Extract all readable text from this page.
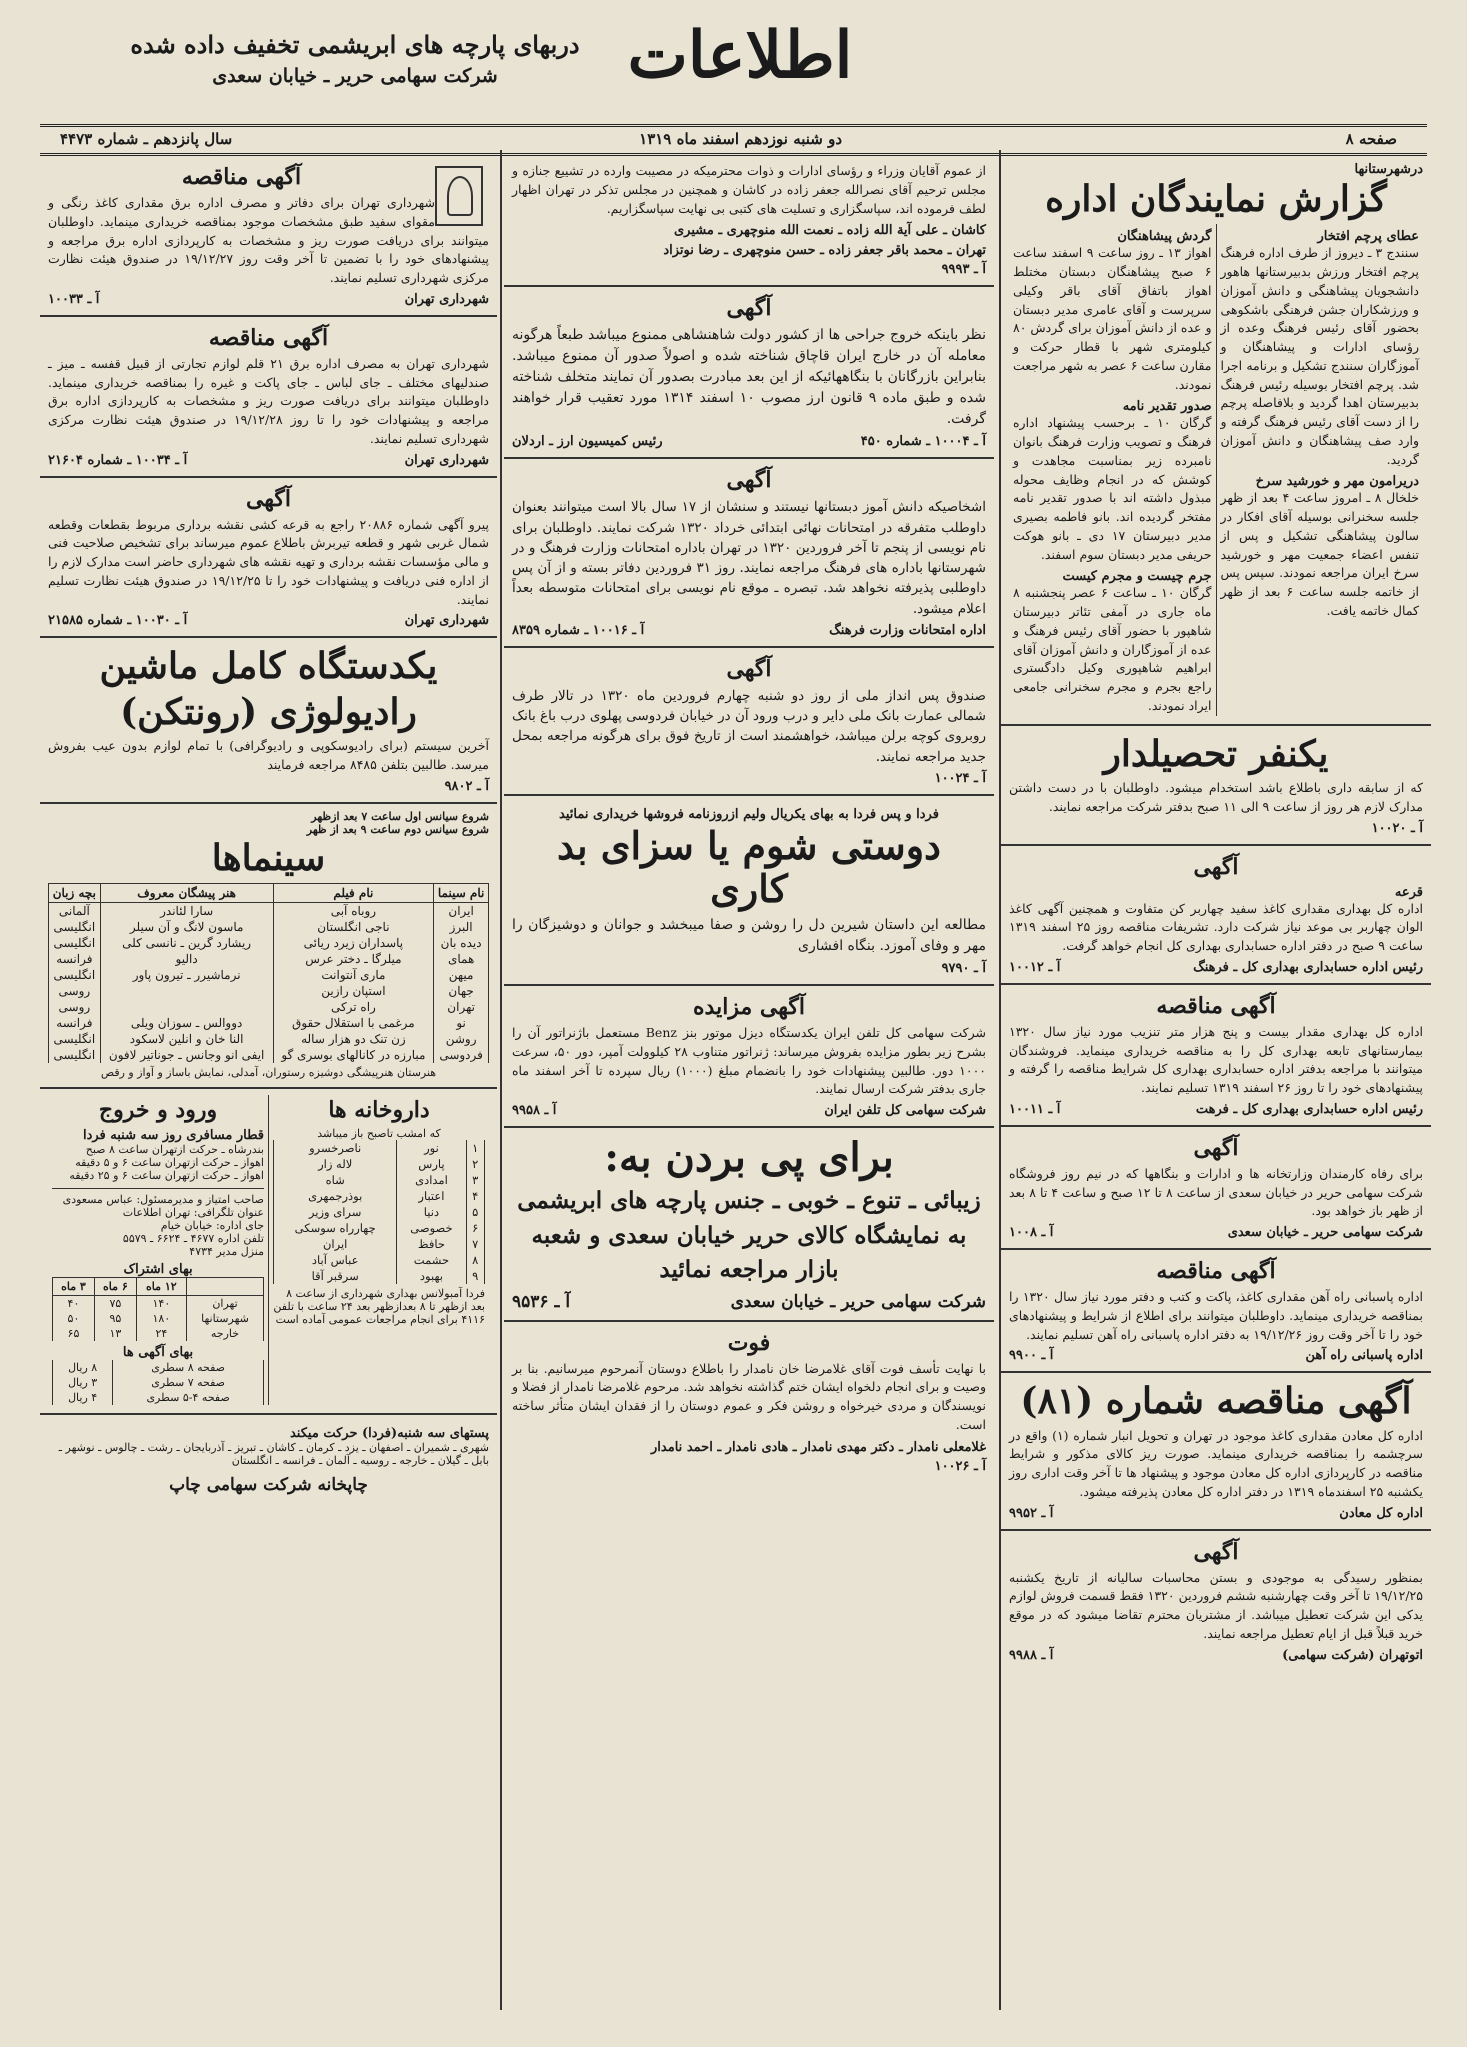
اطلاعات
دربهای پارچه های ابریشمی تخفیف داده شده
شرکت سهامی حریر ـ خیابان سعدی
صفحه ۸
دو شنبه نوزدهم اسفند ماه ۱۳۱۹
سال پانزدهم ـ شماره ۴۴۷۳
درشهرستانها
گزارش نمایندگان اداره
عطای پرچم افتخار
سنندج ۳ ـ دیروز از طرف اداره فرهنگ پرچم افتخار ورزش بدبیرستانها هاهور دانشجویان پیشاهنگی و دانش آموزان و ورزشکاران جشن فرهنگی باشکوهی بحضور آقای رئیس فرهنگ وعده از رؤسای ادارات و پیشاهنگان و آموزگاران سنندج تشکیل و برنامه اجرا شد. پرچم افتخار بوسیله رئیس فرهنگ بدبیرستان اهدا گردید و بلافاصله پرچم را از دست آقای رئیس فرهنگ گرفته و وارد صف پیشاهنگان و دانش آموزان گردید.
دریرامون مهر و خورشید سرخ
خلخال ۸ ـ امروز ساعت ۴ بعد از ظهر جلسه سخنرانی بوسیله آقای افکار در سالون پیشاهنگی تشکیل و پس از تنفس اعضاء جمعیت مهر و خورشید سرخ ایران مراجعه نمودند. سپس پس از خاتمه جلسه ساعت ۶ بعد از ظهر کمال خاتمه یافت.
گردش پیشاهنگان
اهواز ۱۳ ـ روز ساعت ۹ اسفند ساعت ۶ صبح پیشاهنگان دبستان مختلط اهواز باتفاق آقای باقر وکیلی سرپرست و آقای عامری مدیر دبستان و عده از دانش آموزان برای گردش ۸۰ کیلومتری شهر با قطار حرکت و مقارن ساعت ۶ عصر به شهر مراجعت نمودند.
صدور تقدیر نامه
گرگان ۱۰ ـ برحسب پیشنهاد اداره فرهنگ و تصویب وزارت فرهنگ بانوان نامبرده زیر بمناسبت مجاهدت و کوشش که در انجام وظایف محوله مبذول داشته اند با صدور تقدیر نامه مفتخر گردیده اند. بانو فاطمه بصیری مدیر دبیرستان ۱۷ دی ـ بانو هوکت حریفی مدیر دبستان سوم اسفند.
جرم چیست و مجرم کیست
گرگان ۱۰ ـ ساعت ۶ عصر پنجشنبه ۸ ماه جاری در آمفی تئاتر دبیرستان شاهپور با حضور آقای رئیس فرهنگ و عده از آموزگاران و دانش آموزان آقای ابراهیم شاهپوری وکیل دادگستری راجع بجرم و مجرم سخنرانی جامعی ایراد نمودند.
یکنفر تحصیلدار
که از سابقه داری باطلاع باشد استخدام میشود. داوطلبان با در دست داشتن مدارک لازم هر روز از ساعت ۹ الی ۱۱ صبح بدفتر شرکت مراجعه نمایند.
آ ـ ۱۰۰۲۰
آگهی
قرعه
اداره کل بهداری مقداری کاغذ سفید چهاربر کن متفاوت و همچنین آگهی کاغذ الوان چهاربر بی موعد نیاز شرکت دارد. تشریفات مناقصه روز ۲۵ اسفند ۱۳۱۹ ساعت ۹ صبح در دفتر اداره حسابداری بهداری کل انجام خواهد گرفت.
رئیس اداره حسابداری بهداری کل ـ فرهنگ
آ ـ ۱۰۰۱۲
آگهی مناقصه
اداره کل بهداری مقدار بیست و پنج هزار متر تنزیب مورد نیاز سال ۱۳۲۰ بیمارستانهای تابعه بهداری کل را به مناقصه خریداری مینماید. فروشندگان میتوانند با مراجعه بدفتر اداره حسابداری بهداری کل شرایط مناقصه را گرفته و پیشنهادهای خود را تا روز ۲۶ اسفند ۱۳۱۹ تسلیم نمایند.
رئیس اداره حسابداری بهداری کل ـ فرهت
آ ـ ۱۰۰۱۱
آگهی
برای رفاه کارمندان وزارتخانه ها و ادارات و بنگاهها که در نیم روز فروشگاه شرکت سهامی حریر در خیابان سعدی از ساعت ۸ تا ۱۲ صبح و ساعت ۴ تا ۸ بعد از ظهر باز خواهد بود.
شرکت سهامی حریر ـ خیابان سعدی
آ ـ ۱۰۰۸
آگهی مناقصه
اداره پاسبانی راه آهن مقداری کاغذ، پاکت و کتب و دفتر مورد نیاز سال ۱۳۲۰ را بمناقصه خریداری مینماید. داوطلبان میتوانند برای اطلاع از شرایط و پیشنهادهای خود را تا آخر وقت روز ۱۹/۱۲/۲۶ به دفتر اداره پاسبانی راه آهن تسلیم نمایند.
اداره پاسبانی راه آهن
آ ـ ۹۹۰۰
آگهی مناقصه شماره (۸۱)
اداره کل معادن مقداری کاغذ موجود در تهران و تحویل انبار شماره (۱) واقع در سرچشمه را بمناقصه خریداری مینماید. صورت ریز کالای مذکور و شرایط مناقصه در کارپردازی اداره کل معادن موجود و پیشنهاد ها تا آخر وقت اداری روز یکشنبه ۲۵ اسفندماه ۱۳۱۹ در دفتر اداره کل معادن پذیرفته میشود.
اداره کل معادن
آ ـ ۹۹۵۲
آگهی
بمنظور رسیدگی به موجودی و بستن محاسبات سالیانه از تاریخ یکشنبه ۱۹/۱۲/۲۵ تا آخر وقت چهارشنبه ششم فروردین ۱۳۲۰ فقط قسمت فروش لوازم یدکی این شرکت تعطیل میباشد. از مشتریان محترم تقاضا میشود که در موقع خرید قبلاً قبل از ایام تعطیل مراجعه نمایند.
اتوتهران (شرکت سهامی)
آ ـ ۹۹۸۸
از عموم آقایان وزراء و رؤسای ادارات و ذوات محترمیکه در مصیبت وارده در تشییع جنازه و مجلس ترحیم آقای نصرالله جعفر زاده در کاشان و همچنین در مجلس تذکر در تهران اظهار لطف فرموده اند، سپاسگزاری و تسلیت های کتبی بی نهایت سپاسگزاریم.
کاشان ـ علی آیة الله زاده ـ نعمت الله منوچهری ـ مشیری
تهران ـ محمد باقر جعفر زاده ـ حسن منوچهری ـ رضا نوتزاد
آ ـ ۹۹۹۳
آگهی
نظر باینکه خروج جراحی ها از کشور دولت شاهنشاهی ممنوع میباشد طبعاً هرگونه معامله آن در خارج ایران قاچاق شناخته شده و اصولاً صدور آن ممنوع میباشد. بنابراین بازرگانان با بنگاههائیکه از این بعد مبادرت بصدور آن نمایند متخلف شناخته شده و طبق ماده ۹ قانون ارز مصوب ۱۰ اسفند ۱۳۱۴ مورد تعقیب قرار خواهند گرفت.
آ ـ ۱۰۰۰۴ ـ شماره ۴۵۰
رئیس کمیسیون ارز ـ اردلان
آگهی
اشخاصیکه دانش آموز دبستانها نیستند و سنشان از ۱۷ سال بالا است میتوانند بعنوان داوطلب متفرقه در امتحانات نهائی ابتدائی خرداد ۱۳۲۰ شرکت نمایند. داوطلبان برای نام نویسی از پنجم تا آخر فروردین ۱۳۲۰ در تهران باداره امتحانات وزارت فرهنگ و در شهرستانها باداره های فرهنگ مراجعه نمایند. روز ۳۱ فروردین دفاتر بسته و از آن پس داوطلبی پذیرفته نخواهد شد. تبصره ـ موقع نام نویسی برای امتحانات متوسطه بعداً اعلام میشود.
اداره امتحانات وزارت فرهنگ
آ ـ ۱۰۰۱۶ ـ شماره ۸۳۵۹
آگهی
صندوق پس انداز ملی از روز دو شنبه چهارم فروردین ماه ۱۳۲۰ در تالار طرف شمالی عمارت بانک ملی دایر و درب ورود آن در خیابان فردوسی پهلوی درب باغ بانک روبروی کوچه برلن میباشد، خواهشمند است از تاریخ فوق برای هرگونه مراجعه بمحل جدید مراجعه نمایند.
آ ـ ۱۰۰۲۴
فردا و پس فردا به بهای یکریال ولیم ازروزنامه فروشها خریداری نمائید
دوستی شوم یا سزای بد کاری
مطالعه این داستان شیرین دل را روشن و صفا میبخشد و جوانان و دوشیزگان را مهر و وفای آموزد. بنگاه افشاری
آ ـ ۹۷۹۰
آگهی مزایده
شرکت سهامی کل تلفن ایران یکدستگاه دیزل موتور بنز Benz مستعمل باژنراتور آن را بشرح زیر بطور مزایده بفروش میرساند: ژنراتور متناوب ۲۸ کیلوولت آمپر، دور ۵۰، سرعت ۱۰۰۰ دور. طالبین پیشنهادات خود را بانضمام مبلغ (۱۰۰۰) ریال سپرده تا آخر اسفند ماه جاری بدفتر شرکت ارسال نمایند.
شرکت سهامی کل تلفن ایران
آ ـ ۹۹۵۸
برای پی بردن به:
زیبائی ـ تنوع ـ خوبی ـ جنس پارچه های ابریشمی به نمایشگاه کالای حریر خیابان سعدی و شعبه بازار مراجعه نمائید
شرکت سهامی حریر ـ خیابان سعدی
آ ـ ۹۵۳۶
فوت
با نهایت تأسف فوت آقای غلامرضا خان نامدار را باطلاع دوستان آنمرحوم میرسانیم. بنا بر وصیت و برای انجام دلخواه ایشان ختم گذاشته نخواهد شد. مرحوم غلامرضا نامدار از فضلا و نویسندگان و مردی خیرخواه و روشن فکر و عموم دوستان را از فقدان ایشان متأثر ساخته است.
غلامعلی نامدار ـ دکتر مهدی نامدار ـ هادی نامدار ـ احمد نامدار
آ ـ ۱۰۰۲۶
آگهی مناقصه
شهرداری تهران برای دفاتر و مصرف اداره برق مقداری کاغذ رنگی و مقوای سفید طبق مشخصات موجود بمناقصه خریداری مینماید. داوطلبان میتوانند برای دریافت صورت ریز و مشخصات به کارپردازی اداره برق مراجعه و پیشنهادهای خود را با تضمین تا آخر وقت روز ۱۹/۱۲/۲۷ در صندوق هیئت نظارت مرکزی شهرداری تسلیم نمایند.
شهرداری تهران
آ ـ ۱۰۰۳۳
آگهی مناقصه
شهرداری تهران به مصرف اداره برق ۲۱ قلم لوازم تجارتی از قبیل قفسه ـ میز ـ صندلیهای مختلف ـ جای لباس ـ جای پاکت و غیره را بمناقصه خریداری مینماید. داوطلبان میتوانند برای دریافت صورت ریز و مشخصات به کارپردازی اداره برق مراجعه و پیشنهادات خود را تا روز ۱۹/۱۲/۲۸ در صندوق هیئت نظارت مرکزی شهرداری تسلیم نمایند.
شهرداری تهران
آ ـ ۱۰۰۳۴ ـ شماره ۲۱۶۰۴
آگهی
پیرو آگهی شماره ۲۰۸۸۶ راجع به قرعه کشی نقشه برداری مربوط بقطعات وقطعه شمال غربی شهر و قطعه تیربرش باطلاع عموم میرساند برای تشخیص صلاحیت فنی و مالی مؤسسات نقشه برداری و تهیه نقشه های شهرداری حاضر است مدارک لازم را از اداره فنی دریافت و پیشنهادات خود را تا ۱۹/۱۲/۲۵ در صندوق هیئت نظارت تسلیم نمایند.
شهرداری تهران
آ ـ ۱۰۰۳۰ ـ شماره ۲۱۵۸۵
یکدستگاه کامل ماشین
رادیولوژی (رونتکن)
آخرین سیستم (برای رادیوسکوپی و رادیوگرافی) با تمام لوازم بدون عیب بفروش میرسد. طالبین بتلفن ۸۴۸۵ مراجعه فرمایند
آ ـ ۹۸۰۲
شروع سیانس اول ساعت ۷ بعد ازظهر
شروع سیانس دوم ساعت ۹ بعد از ظهر
سینماها
نام سینما	نام فیلم	هنر پیشگان معروف	بچه زبان
ایران	روباه آبی	سارا لئاندر	آلمانی
البرز	ناجی انگلستان	ماسون لانگ و آن سیلر	انگلیسی
دیده بان	پاسداران زیرد ریائی	ریشارد گرین ـ نانسی کلی	انگلیسی
همای	میلرگا ـ دختر عرس	دالیو	فرانسه
میهن	ماری آنتوانت	نرماشیرر ـ تیرون پاور	انگلیسی
جهان	استپان رازین		روسی
تهران	راه ترکی		روسی
نو	مرغمی با استقلال حقوق	دووالس ـ سوزان ویلی	فرانسه
روشن	زن تنک دو هزار ساله	النا خان و انلین لاسکود	انگلیسی
فردوسی	مبارزه در کانالهای بوسری گو	ایفی انو وجانس ـ جوناتیر لافون	انگلیسی
هنرستان هنرپیشگی دوشیزه رستوران، آمدلی، نمایش باساز و آواز و رقص
داروخانه ها
که امشب تاصبح باز میباشد
۱	نور	ناصرخسرو
۲	پارس	لاله زار
۳	امدادی	شاه
۴	اعتبار	بوذرجمهری
۵	دنیا	سرای وزیر
۶	خصوصی	چهارراه سوسکی
۷	حافظ	ایران
۸	حشمت	عباس آباد
۹	بهبود	سرقبر آقا
فردا آمبولانس بهداری شهرداری از ساعت ۸ بعد ازظهر تا ۸ بعدازظهر بعد ۲۴ ساعت با تلفن ۴۱۱۶ برای انجام مراجعات عمومی آماده است
ورود و خروج
قطار مسافری روز سه شنبه فردا
بندرشاه ـ حرکت ازتهران ساعت ۸ صبح
اهواز ـ حرکت ازتهران ساعت ۶ و ۵ دقیقه
اهواز ـ حرکت ازتهران ساعت ۶ و ۲۵ دقیقه
صاحب امتیاز و مدیرمسئول: عباس مسعودی
عنوان تلگرافی: تهران اطلاعات
جای اداره: خیابان خیام
تلفن اداره ۴۶۷۷ ـ ۶۶۲۴ ـ ۵۵۷۹
منزل مدیر ۴۷۳۴
بهای اشتراک
	۱۲ ماه	۶ ماه	۳ ماه
تهران	۱۴۰	۷۵	۴۰
شهرستانها	۱۸۰	۹۵	۵۰
خارجه	۲۴	۱۳	۶۵
بهای آگهی ها
صفحه ۸ سطری	۸ ریال
صفحه ۷ سطری	۳ ریال
صفحه ۴-۵ سطری	۴ ریال
پستهای سه شنبه(فردا) حرکت میکند
شهری ـ شمیران ـ اصفهان ـ یزد ـ کرمان ـ کاشان ـ تبریز ـ آذربایجان ـ رشت ـ چالوس ـ نوشهر ـ بابل ـ گیلان ـ خارجه ـ روسیه ـ آلمان ـ فرانسه ـ انگلستان
چاپخانه شرکت سهامی چاپ
